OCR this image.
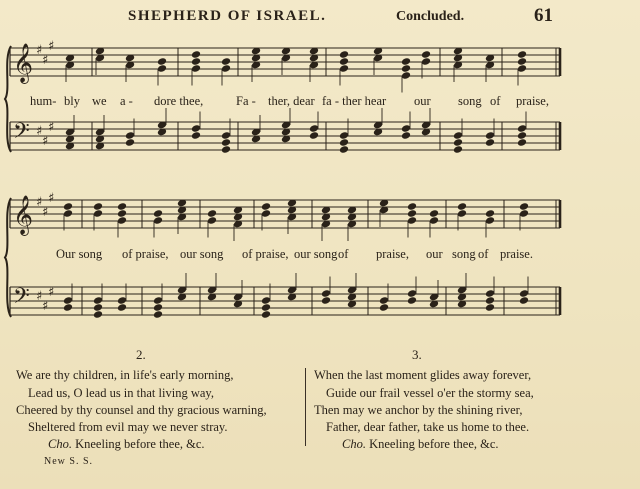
SHEPHERD OF ISRAEL.	Concluded.	61
𝄞 ♯
♯
♯
𝄢 ♯
♯
♯
𝄞 ♯
♯
♯
𝄢 ♯
♯
♯
hum- bly we a - dore thee,	Fa - ther, dear fa - ther hear our song of praise,
Our song of praise, our song of praise, our song of praise, our song of praise.
2.	3.
We are thy children, in life's early morning,
Lead us, O lead us in that living way,
Cheered by thy counsel and thy gracious warning,
Sheltered from evil may we never stray.
Cho. Kneeling before thee, &c.
When the last moment glides away forever,
Guide our frail vessel o'er the stormy sea,
Then may we anchor by the shining river,
Father, dear father, take us home to thee.
Cho. Kneeling before thee, &c.
New S. S.
